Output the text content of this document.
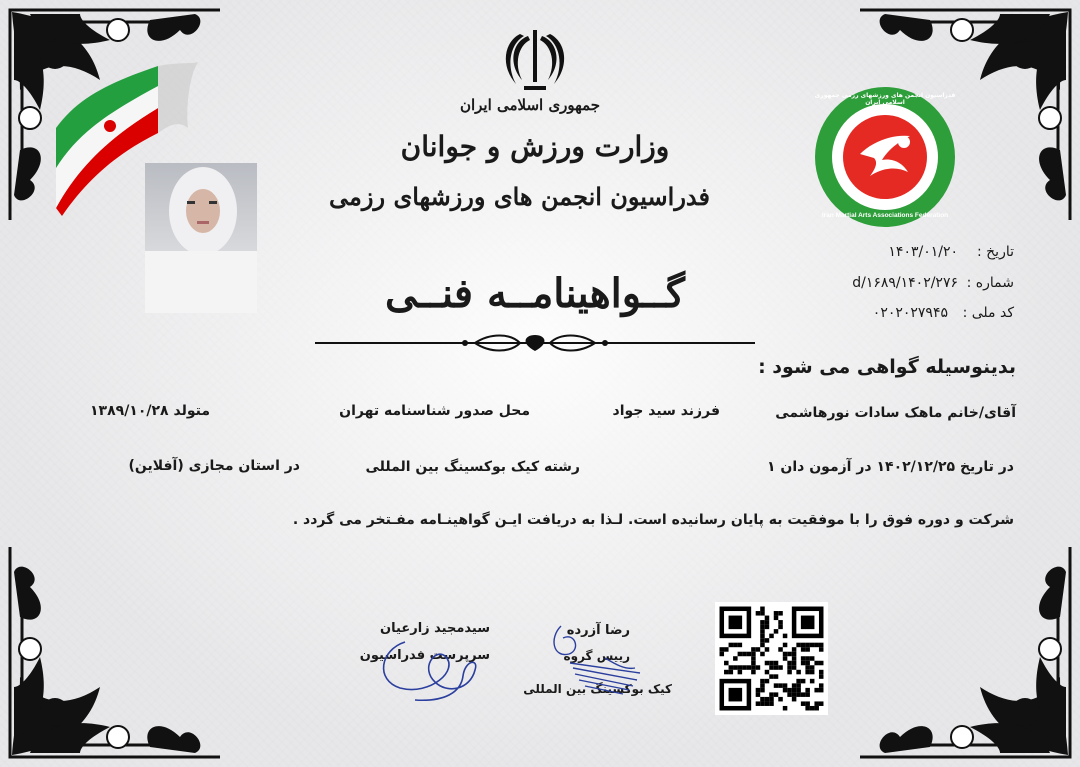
جمهوری اسلامی ایران
وزارت ورزش و جوانان
فدراسیون انجمن های ورزشهای رزمی
فدراسیون انجمن های ورزشهای رزمی جمهوری اسلامی ایران
Iran Martial Arts Associations Federation
تاریخ :
۱۴۰۳/۰۱/۲۰
شماره :
۱۴۰۲/۲۷۶/d/۱۶۸۹
کد ملی :
۰۲۰۲۰۲۷۹۴۵
گــواهینامــه فنــی
بدینوسیله گواهی می شود :
آقای/خانم ماهک سادات نورهاشمی
فرزند سید جواد
محل صدور شناسنامه تهران
متولد ۱۳۸۹/۱۰/۲۸
در تاریخ ۱۴۰۲/۱۲/۲۵ در آزمون دان ۱
رشته کیک بوکسینگ بین المللی
در استان مجازی (آفلاین)
شرکت و دوره فوق را با موفقیت به پایان رسانیده است. لـذا به دریافت ایـن گواهینـامه مفـتخر می گردد .
سیدمجید زارعیان
سرپرست فدراسیون
رضا آزرده
رییس گروه
کیک بوکسینگ بین المللی
